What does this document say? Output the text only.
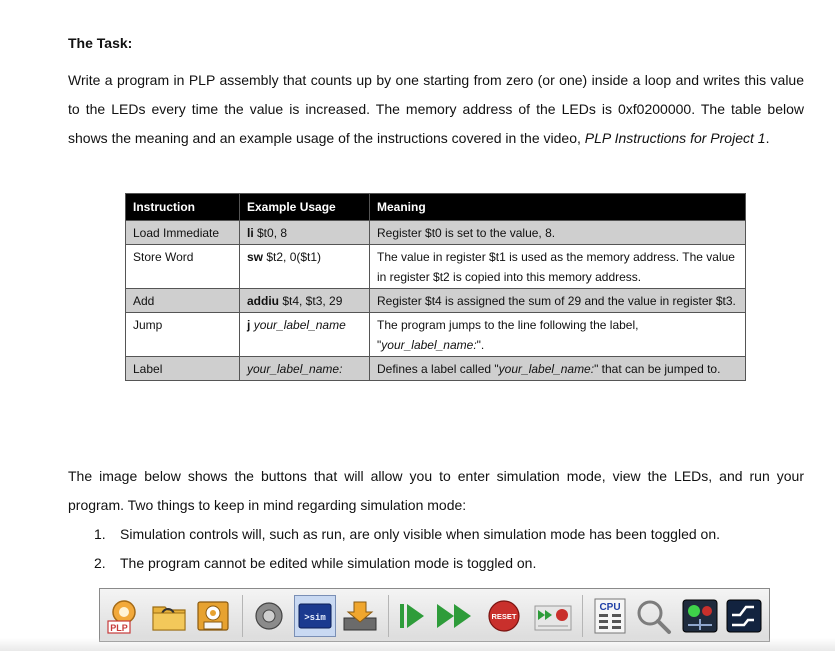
The Task:
Write a program in PLP assembly that counts up by one starting from zero (or one) inside a loop and writes this value to the LEDs every time the value is increased. The memory address of the LEDs is 0xf0200000. The table below shows the meaning and an example usage of the instructions covered in the video, PLP Instructions for Project 1.
Instruction	Example Usage	Meaning
Load Immediate	li $t0, 8	Register $t0 is set to the value, 8.
Store Word	sw $t2, 0($t1)	The value in register $t1 is used as the memory address. The value in register $t2 is copied into this memory address.
Add	addiu $t4, $t3, 29	Register $t4 is assigned the sum of 29 and the value in register $t3.
Jump	j your_label_name	The program jumps to the line following the label, "your_label_name:".
Label	your_label_name:	Defines a label called "your_label_name:" that can be jumped to.
The image below shows the buttons that will allow you to enter simulation mode, view the LEDs, and run your program. Two things to keep in mind regarding simulation mode:
1. Simulation controls will, such as run, are only visible when simulation mode has been toggled on.
2. The program cannot be edited while simulation mode is toggled on.
PLP
>sim	RESET
CPU
